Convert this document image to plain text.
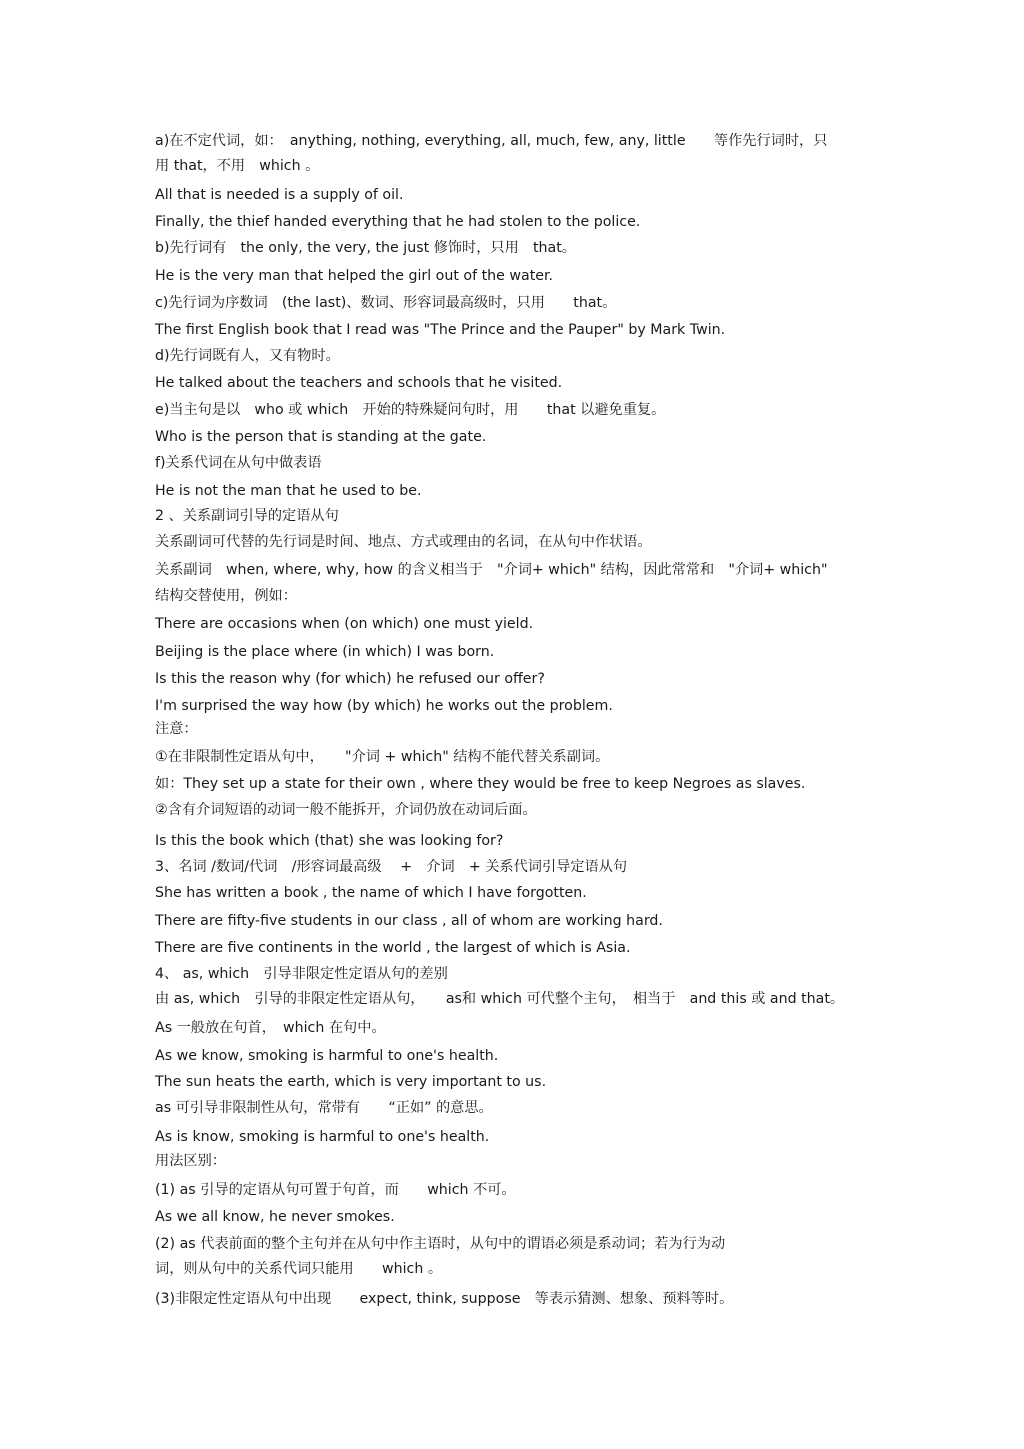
a)在不定代词，如：　anything, nothing, everything, all, much, few, any, little　　等作先行词时，只
用 that，不用　which 。
All that is needed is a supply of oil.
Finally, the thief handed everything that he had stolen to the police.
b)先行词有　the only, the very, the just 修饰时，只用　that。
He is the very man that helped the girl out of the water.
c)先行词为序数词　(the last)、数词、形容词最高级时，只用　　that。
The first English book that I read was "The Prince and the Pauper" by Mark Twin.
d)先行词既有人，又有物时。
He talked about the teachers and schools that he visited.
e)当主句是以　who 或 which　开始的特殊疑问句时，用　　that 以避免重复。
Who is the person that is standing at the gate.
f)关系代词在从句中做表语
He is not the man that he used to be.
2 、关系副词引导的定语从句
关系副词可代替的先行词是时间、地点、方式或理由的名词，在从句中作状语。
关系副词　when, where, why, how 的含义相当于　"介词+ which" 结构，因此常常和　"介词+ which"
结构交替使用，例如：
There are occasions when (on which) one must yield.
Beijing is the place where (in which) I was born.
Is this the reason why (for which) he refused our offer?
I'm surprised the way how (by which) he works out the problem.
注意：
①在非限制性定语从句中，　　"介词 + which" 结构不能代替关系副词。
如：They set up a state for their own , where they would be free to keep Negroes as slaves.
②含有介词短语的动词一般不能拆开，介词仍放在动词后面。
Is this the book which (that) she was looking for?
3、名词 /数词/代词　/形容词最高级　 +　介词　+ 关系代词引导定语从句
She has written a book , the name of which I have forgotten.
There are fifty-five students in our class , all of whom are working hard.
There are five continents in the world , the largest of which is Asia.
4、 as, which　引导非限定性定语从句的差别
由 as, which　引导的非限定性定语从句，　　as和 which 可代整个主句，　相当于　and this 或 and that。
As 一般放在句首，　which 在句中。
As we know, smoking is harmful to one's health.
The sun heats the earth, which is very important to us.
as 可引导非限制性从句，常带有　　“正如” 的意思。
As is know, smoking is harmful to one's health.
用法区别：
(1) as 引导的定语从句可置于句首，而　　which 不可。
As we all know, he never smokes.
(2) as 代表前面的整个主句并在从句中作主语时，从句中的谓语必须是系动词；若为行为动
词，则从句中的关系代词只能用　　which 。
(3)非限定性定语从句中出现　　expect, think, suppose　等表示猜测、想象、预料等时。
